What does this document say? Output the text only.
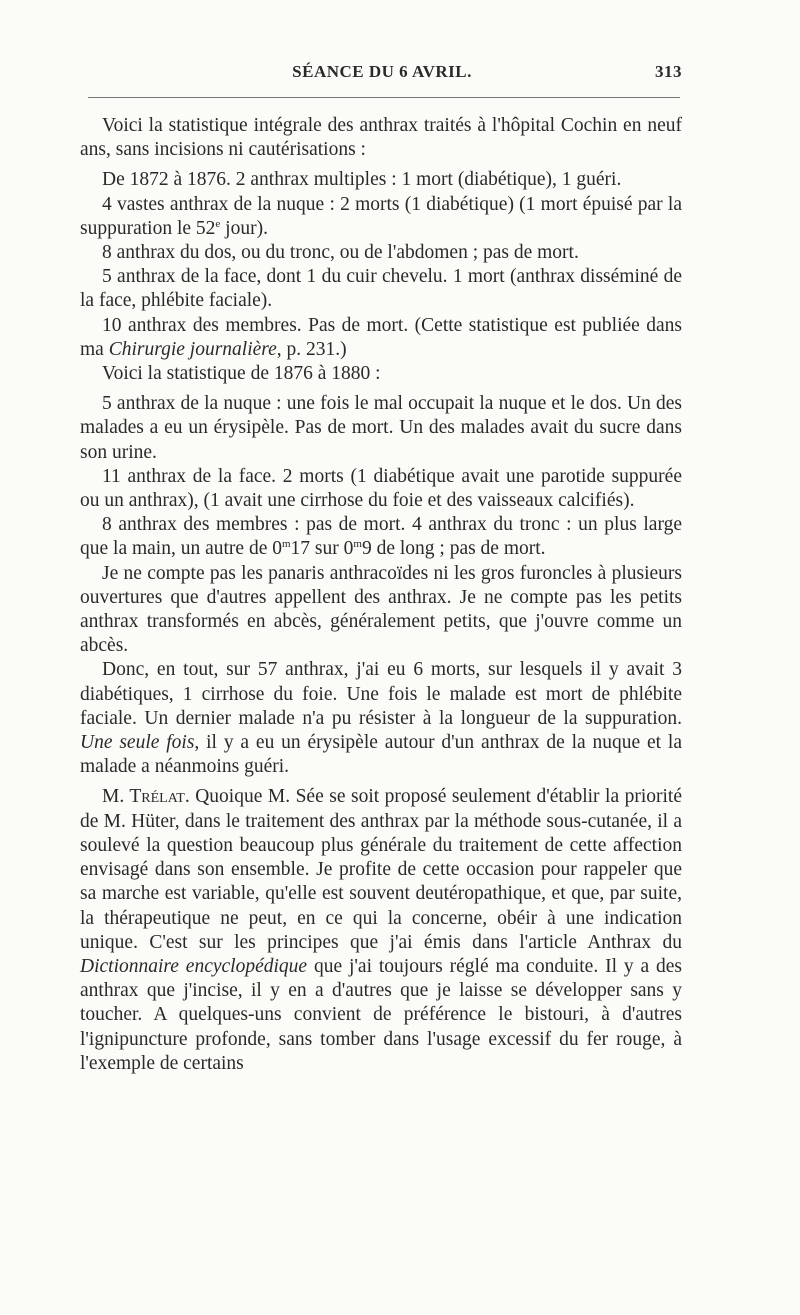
SÉANCE DU 6 AVRIL.	313

Voici la statistique intégrale des anthrax traités à l'hôpital Cochin en neuf ans, sans incisions ni cautérisations :

De 1872 à 1876. 2 anthrax multiples : 1 mort (diabétique), 1 guéri.

4 vastes anthrax de la nuque : 2 morts (1 diabétique) (1 mort épuisé par la suppuration le 52e jour).

8 anthrax du dos, ou du tronc, ou de l'abdomen ; pas de mort.

5 anthrax de la face, dont 1 du cuir chevelu. 1 mort (anthrax disséminé de la face, phlébite faciale).

10 anthrax des membres. Pas de mort. (Cette statistique est publiée dans ma Chirurgie journalière, p. 231.)

Voici la statistique de 1876 à 1880 :

5 anthrax de la nuque : une fois le mal occupait la nuque et le dos. Un des malades a eu un érysipèle. Pas de mort. Un des malades avait du sucre dans son urine.

11 anthrax de la face. 2 morts (1 diabétique avait une parotide suppurée ou un anthrax), (1 avait une cirrhose du foie et des vaisseaux calcifiés).

8 anthrax des membres : pas de mort. 4 anthrax du tronc : un plus large que la main, un autre de 0$^m$17 sur 0$^m$9 de long ; pas de mort.

Je ne compte pas les panaris anthracoïdes ni les gros furoncles à plusieurs ouvertures que d'autres appellent des anthrax. Je ne compte pas les petits anthrax transformés en abcès, généralement petits, que j'ouvre comme un abcès.

Donc, en tout, sur 57 anthrax, j'ai eu 6 morts, sur lesquels il y avait 3 diabétiques, 1 cirrhose du foie. Une fois le malade est mort de phlébite faciale. Un dernier malade n'a pu résister à la longueur de la suppuration. Une seule fois, il y a eu un érysipèle autour d'un anthrax de la nuque et la malade a néanmoins guéri.

M. Trélat. Quoique M. Sée se soit proposé seulement d'établir la priorité de M. Hüter, dans le traitement des anthrax par la méthode sous-cutanée, il a soulevé la question beaucoup plus générale du traitement de cette affection envisagé dans son ensemble. Je profite de cette occasion pour rappeler que sa marche est variable, qu'elle est souvent deutéropathique, et que, par suite, la thérapeutique ne peut, en ce qui la concerne, obéir à une indication unique. C'est sur les principes que j'ai émis dans l'article Anthrax du Dictionnaire encyclopédique que j'ai toujours réglé ma conduite. Il y a des anthrax que j'incise, il y en a d'autres que je laisse se développer sans y toucher. A quelques-uns convient de préférence le bistouri, à d'autres l'ignipuncture profonde, sans tomber dans l'usage excessif du fer rouge, à l'exemple de certains
